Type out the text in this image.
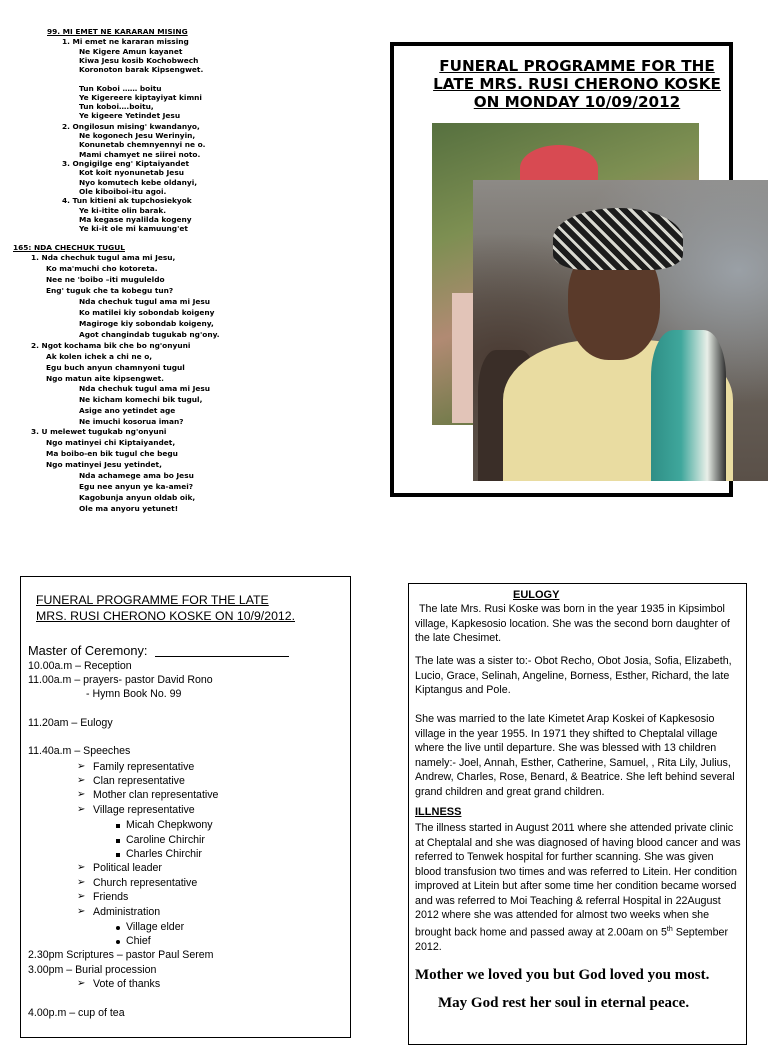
99. MI EMET NE KARARAN MISING
1. Mi emet ne kararan missing
Ne Kigere Amun kayanet
Kiwa Jesu kosib Kochobwech
Koronoton barak Kipsengwet.
Tun Koboi …… boitu
Ye Kigereere kiptayiyat kimni
Tun koboi….boitu,
Ye kigeere Yetindet Jesu
2. Ongilosun mising' kwandanyo,
Ne kogonech Jesu Werinyin,
Konunetab chemnyennyi ne o.
Mami chamyet ne siirei noto.
3. Ongigilge eng' Kiptaiyandet
Kot koit nyonunetab Jesu
Nyo komutech kebe oldanyi,
Ole kiboiboi-itu agoi.
4. Tun kitieni ak tupchosiekyok
Ye ki-itite olin barak.
Ma kegase nyalilda kogeny
Ye ki-it ole mi kamuung'et
165: NDA CHECHUK TUGUL
1. Nda chechuk tugul ama mi Jesu,
Ko ma'muchi cho kotoreta.
Nee ne 'boibo –iti muguleldo
Eng' tuguk che ta kobegu tun?
Nda chechuk tugul ama mi Jesu
Ko matilei kiy sobondab koigeny
Magiroge kiy sobondab koigeny,
Agot changindab tugukab ng'ony.
2. Ngot kochama bik che bo ng'onyuni
Ak kolen ichek a chi ne o,
Egu buch anyun chamnyoni tugul
Ngo matun aite kipsengwet.
Nda chechuk tugul ama mi Jesu
Ne kicham komechi bik tugul,
Asige ano yetindet age
Ne imuchi kosorua iman?
3. U melewet tugukab ng'onyuni
Ngo matinyei chi Kiptaiyandet,
Ma boibo-en bik tugul che begu
Ngo matinyei Jesu yetindet,
Nda achamege ama bo Jesu
Egu nee anyun ye ka-amei?
Kagobunja anyun oldab oik,
Ole ma anyoru yetunet!
FUNERAL PROGRAMME FOR THE
LATE MRS. RUSI CHERONO KOSKE
ON MONDAY 10/09/2012
FUNERAL PROGRAMME FOR THE LATE
MRS. RUSI CHERONO KOSKE ON 10/9/2012.
Master of Ceremony:
10.00a.m – Reception
11.00a.m – prayers- pastor David Rono
- Hymn Book No. 99
11.20am – Eulogy
11.40a.m – Speeches
➢ Family representative
➢ Clan representative
➢ Mother clan representative
➢ Village representative
Micah Chepkwony
Caroline Chirchir
Charles Chirchir
➢ Political leader
➢ Church representative
➢ Friends
➢ Administration
Village elder
Chief
2.30pm Scriptures – pastor Paul Serem
3.00pm – Burial procession
➢ Vote of thanks
4.00p.m – cup of tea
EULOGY
The late Mrs. Rusi Koske was born in the year 1935 in Kipsimbol village, Kapkesosio location. She was the second born daughter of the late Chesimet.
The late was a sister to:- Obot Recho, Obot Josia, Sofia, Elizabeth, Lucio, Grace, Selinah, Angeline, Borness, Esther, Richard, the late Kiptangus and Pole.
She was married to the late Kimetet Arap Koskei of Kapkesosio village in the year 1955. In 1971 they shifted to Cheptalal village where the live until departure. She was blessed with 13 children namely:- Joel, Annah, Esther, Catherine, Samuel, , Rita Lily, Julius, Andrew, Charles, Rose, Benard, & Beatrice. She left behind several grand children and great grand children.
ILLNESS
The illness started in August 2011 where she attended private clinic at Cheptalal and she was diagnosed of having blood cancer and was referred to Tenwek hospital for further scanning. She was given blood transfusion two times and was referred to Litein. Her condition improved at Litein but after some time her condition became worsed and was referred to Moi Teaching & referral Hospital in 22August 2012 where she was attended for almost two weeks when she brought back home and passed away at 2.00am on 5th September 2012.
Mother we loved you but God loved you most.
May God rest her soul in eternal peace.
